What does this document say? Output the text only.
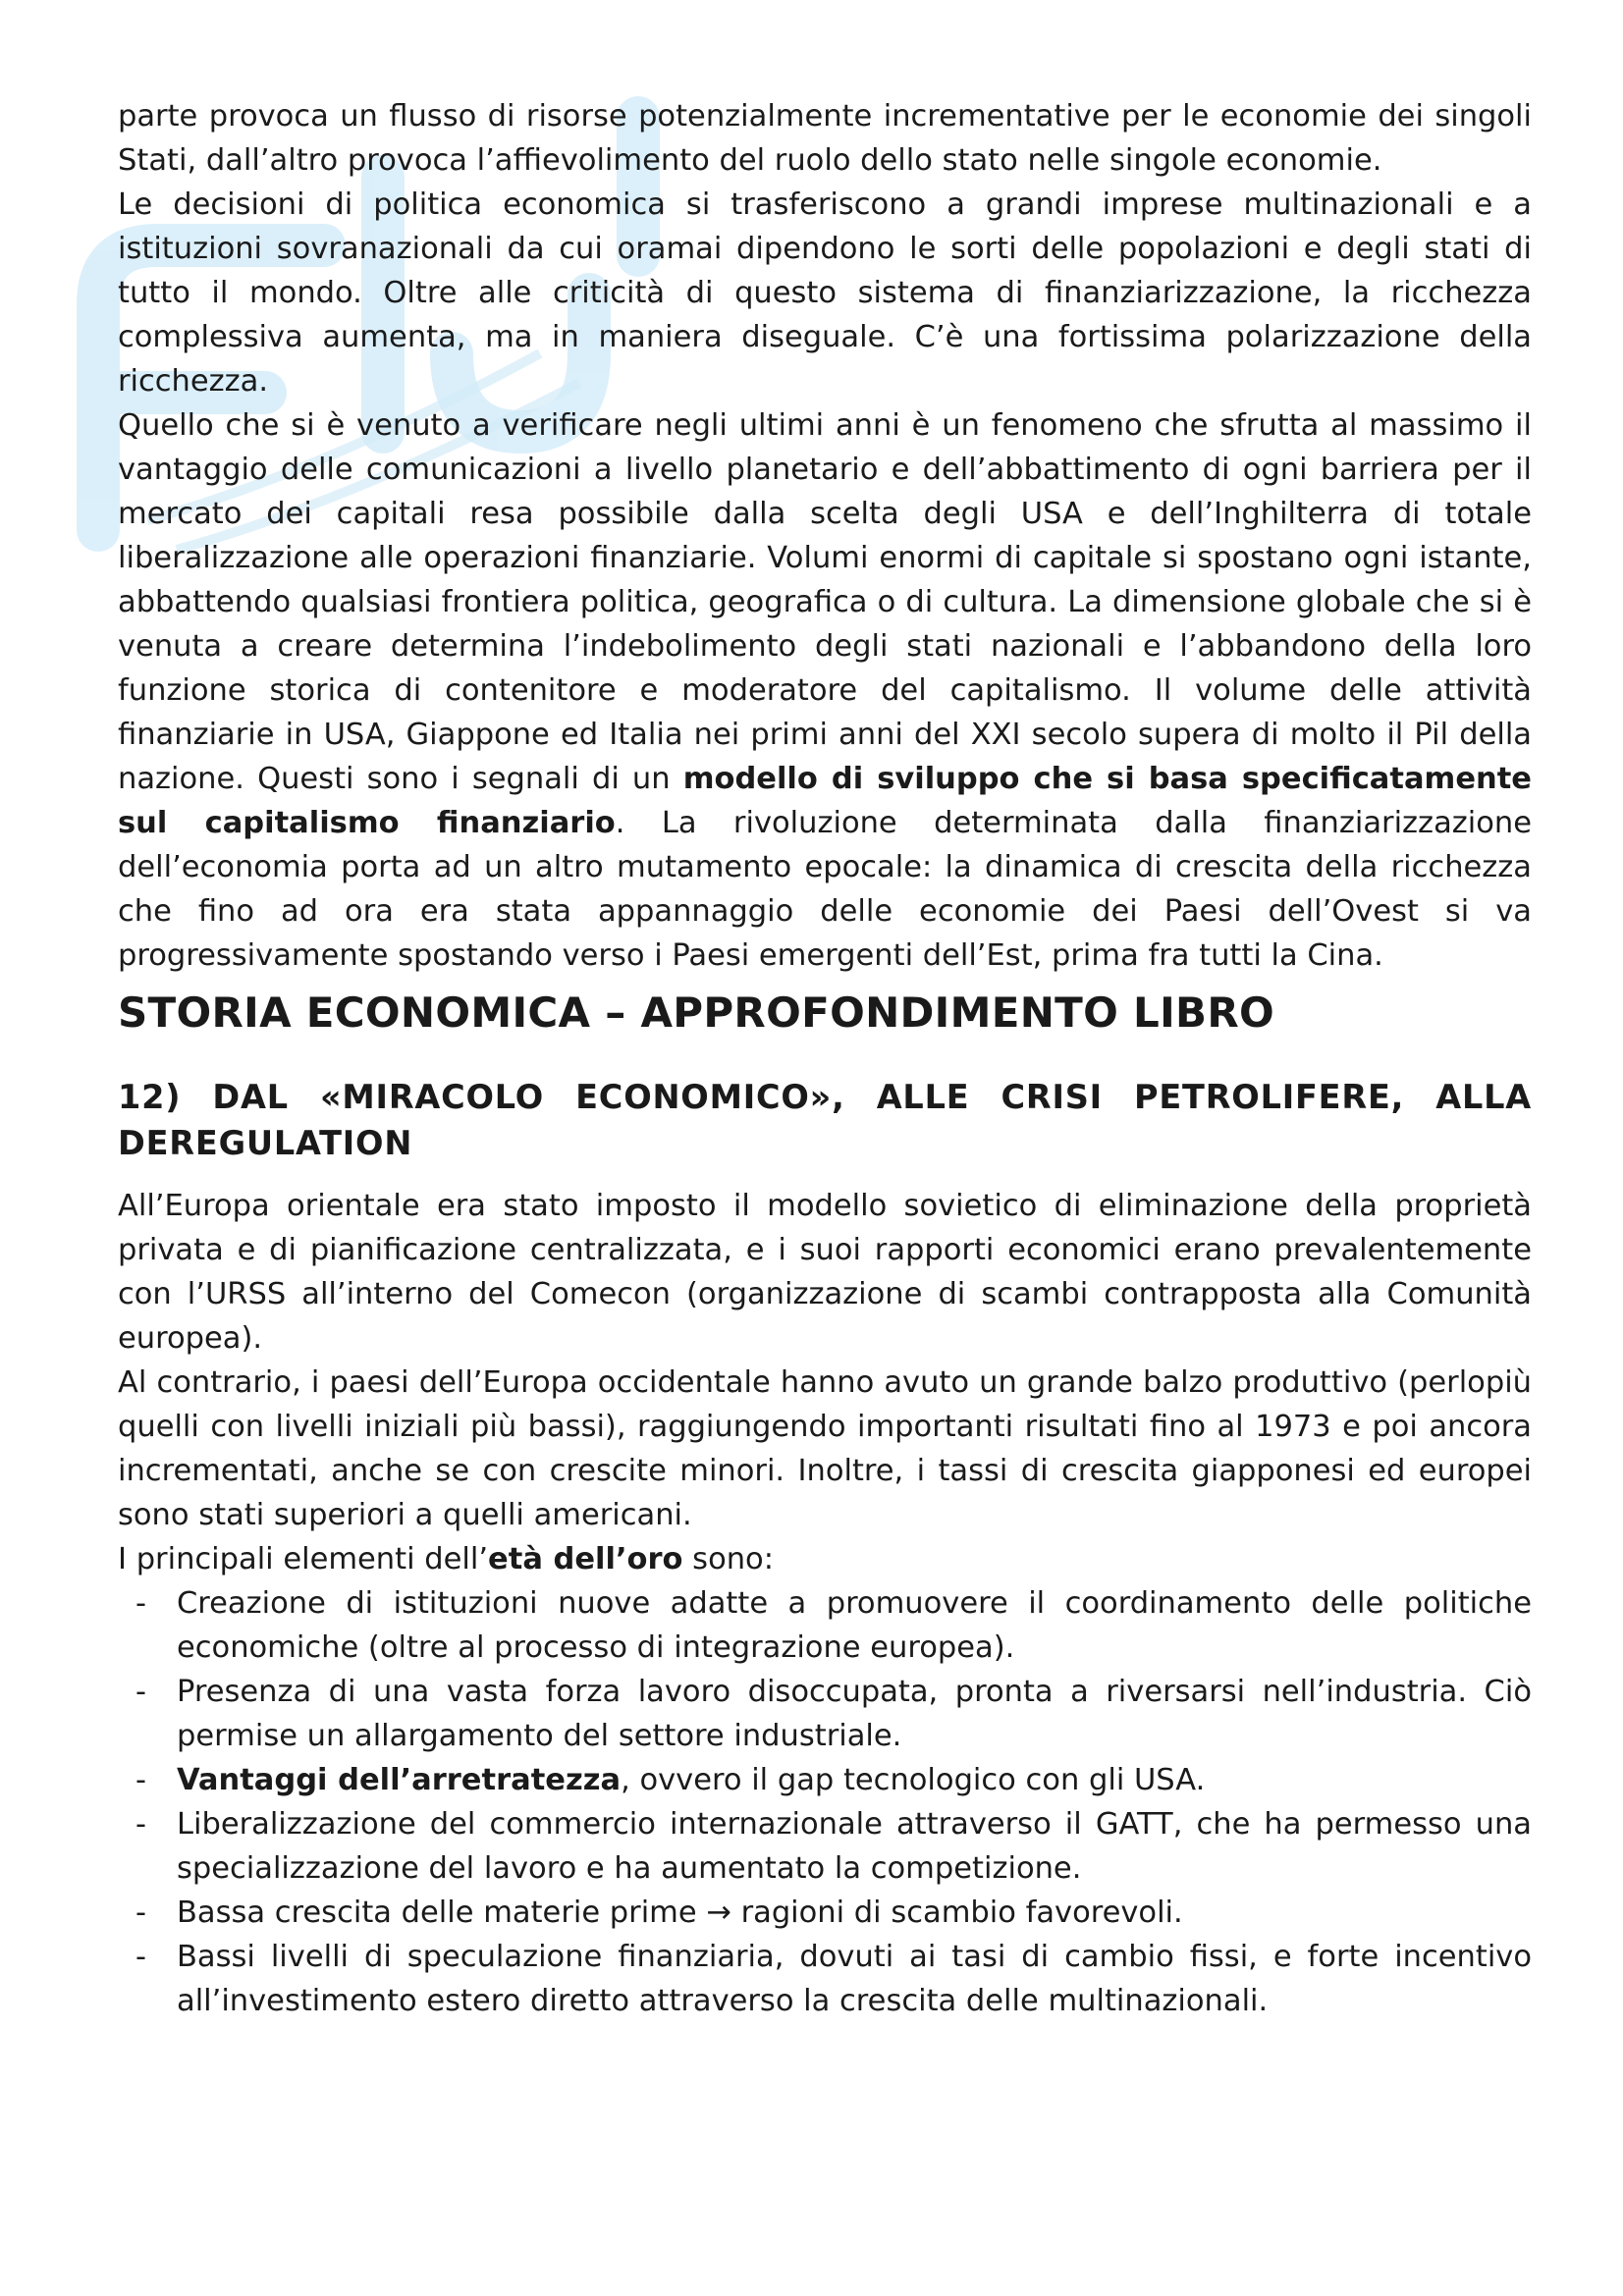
parte provoca un flusso di risorse potenzialmente incrementative per le economie dei singoli Stati, dall’altro provoca l’affievolimento del ruolo dello stato nelle singole economie.

Le decisioni di politica economica si trasferiscono a grandi imprese multinazionali e a istituzioni sovranazionali da cui oramai dipendono le sorti delle popolazioni e degli stati di tutto il mondo. Oltre alle criticità di questo sistema di finanziarizzazione, la ricchezza complessiva aumenta, ma in maniera diseguale. C’è una fortissima polarizzazione della ricchezza.

Quello che si è venuto a verificare negli ultimi anni è un fenomeno che sfrutta al massimo il vantaggio delle comunicazioni a livello planetario e dell’abbattimento di ogni barriera per il mercato dei capitali resa possibile dalla scelta degli USA e dell’Inghilterra di totale liberalizzazione alle operazioni finanziarie. Volumi enormi di capitale si spostano ogni istante, abbattendo qualsiasi frontiera politica, geografica o di cultura. La dimensione globale che si è venuta a creare determina l’indebolimento degli stati nazionali e l’abbandono della loro funzione storica di contenitore e moderatore del capitalismo. Il volume delle attività finanziarie in USA, Giappone ed Italia nei primi anni del XXI secolo supera di molto il Pil della nazione. Questi sono i segnali di un modello di sviluppo che si basa specificatamente sul capitalismo finanziario. La rivoluzione determinata dalla finanziarizzazione dell’economia porta ad un altro mutamento epocale: la dinamica di crescita della ricchezza che fino ad ora era stata appannaggio delle economie dei Paesi dell’Ovest si va progressivamente spostando verso i Paesi emergenti dell’Est, prima fra tutti la Cina.

STORIA ECONOMICA – APPROFONDIMENTO LIBRO
12) DAL «MIRACOLO ECONOMICO», ALLE CRISI PETROLIFERE, ALLA DEREGULATION

All’Europa orientale era stato imposto il modello sovietico di eliminazione della proprietà privata e di pianificazione centralizzata, e i suoi rapporti economici erano prevalentemente con l’URSS all’interno del Comecon (organizzazione di scambi contrapposta alla Comunità europea).

Al contrario, i paesi dell’Europa occidentale hanno avuto un grande balzo produttivo (perlopiù quelli con livelli iniziali più bassi), raggiungendo importanti risultati fino al 1973 e poi ancora incrementati, anche se con crescite minori. Inoltre, i tassi di crescita giapponesi ed europei sono stati superiori a quelli americani.

I principali elementi dell’età dell’oro sono:

- Creazione di istituzioni nuove adatte a promuovere il coordinamento delle politiche economiche (oltre al processo di integrazione europea).
- Presenza di una vasta forza lavoro disoccupata, pronta a riversarsi nell’industria. Ciò permise un allargamento del settore industriale.
- Vantaggi dell’arretratezza, ovvero il gap tecnologico con gli USA.
- Liberalizzazione del commercio internazionale attraverso il GATT, che ha permesso una specializzazione del lavoro e ha aumentato la competizione.
- Bassa crescita delle materie prime → ragioni di scambio favorevoli.
- Bassi livelli di speculazione finanziaria, dovuti ai tasi di cambio fissi, e forte incentivo all’investimento estero diretto attraverso la crescita delle multinazionali.
